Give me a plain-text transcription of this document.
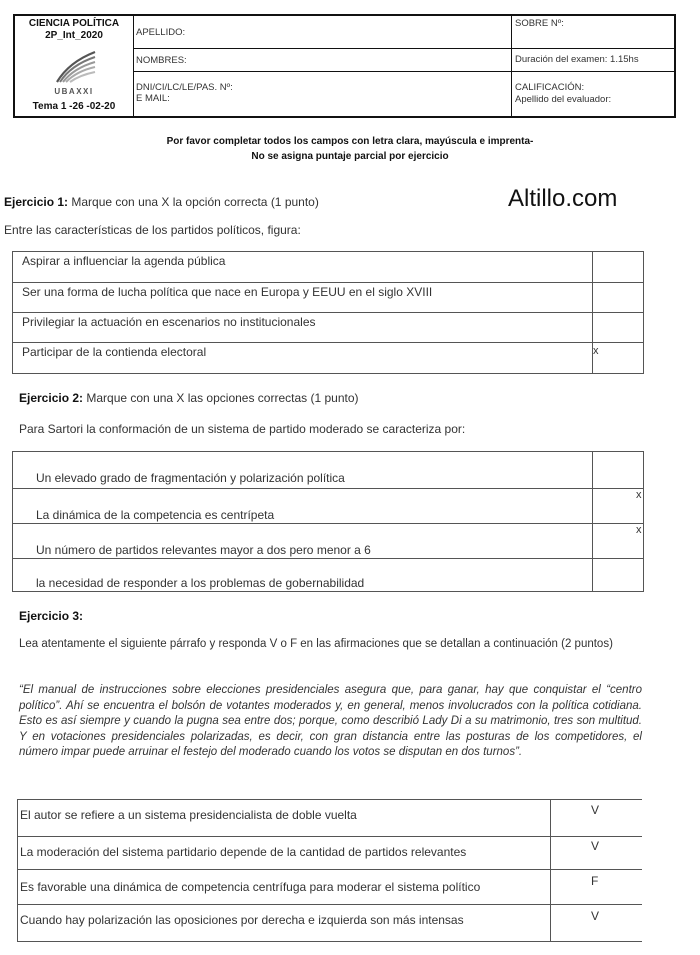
CIENCIA POLÍTICA
2P_Int_2020
UBAXXI
Tema 1 -26 -02-20
APELLIDO:
NOMBRES:
DNI/CI/LC/LE/PAS. Nº:
E MAIL:
SOBRE Nº:
Duración del examen: 1.15hs
CALIFICACIÓN:
Apellido del evaluador:
Por favor completar todos los campos con letra clara, mayúscula e imprenta-
No se asigna puntaje parcial por ejercicio
Altillo.com
Ejercicio 1: Marque con una X la opción correcta (1 punto)
Entre las características de los partidos políticos, figura:
Aspirar a influenciar la agenda pública
Ser una forma de lucha política que nace en Europa y EEUU en el siglo XVIII
Privilegiar la actuación en escenarios no institucionales
Participar de la contienda electoral	x
Ejercicio 2: Marque con una X las opciones correctas (1 punto)
Para Sartori la conformación de un sistema de partido moderado se caracteriza por:
Un elevado grado de fragmentación y polarización política
La dinámica de la competencia es centrípeta
Un número de partidos relevantes mayor a dos pero menor a 6
la necesidad de responder a los problemas de gobernabilidad
x
x
Ejercicio 3:
Lea atentamente el siguiente párrafo y responda V o F en las afirmaciones que se detallan a continuación (2 puntos)
“El manual de instrucciones sobre elecciones presidenciales asegura que, para ganar, hay que conquistar el “centro político”. Ahí se encuentra el bolsón de votantes moderados y, en general, menos involucrados con la política cotidiana. Esto es así siempre y cuando la pugna sea entre dos; porque, como describió Lady Di a su matrimonio, tres son multitud. Y en votaciones presidenciales polarizadas, es decir, con gran distancia entre las posturas de los competidores, el número impar puede arruinar el festejo del moderado cuando los votos se disputan en dos turnos”.
El autor se refiere a un sistema presidencialista de doble vuelta
La moderación del sistema partidario depende de la cantidad de partidos relevantes
Es favorable una dinámica de competencia centrífuga para moderar el sistema político
Cuando hay polarización las oposiciones por derecha e izquierda son más intensas
V
V
F
V
